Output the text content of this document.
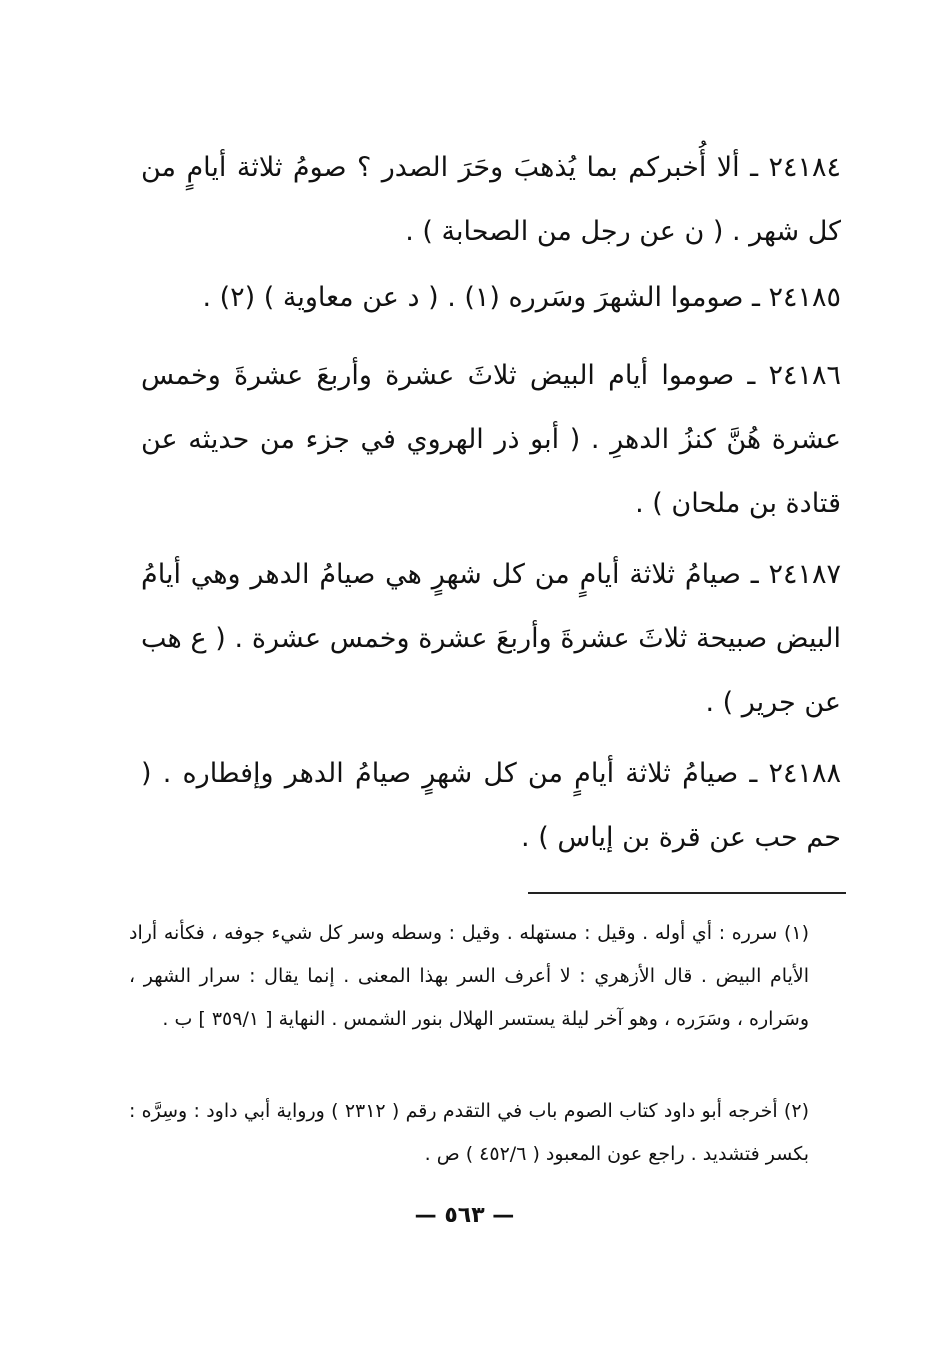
٢٤١٨٤ ـ ألا أُخبركم بما يُذهبَ وحَرَ الصدر ؟ صومُ ثلاثة أيامٍ من كل شهر . ( ن عن رجل من الصحابة ) .

٢٤١٨٥ ـ صوموا الشهرَ وسَرره (١) . ( د عن معاوية ) (٢) .

٢٤١٨٦ ـ صوموا أيام البيض ثلاثَ عشرة وأربعَ عشرةَ وخمس عشرة هُنَّ كنزُ الدهرِ . ( أبو ذر الهروي في جزء من حديثه عن قتادة بن ملحان ) .

٢٤١٨٧ ـ صيامُ ثلاثة أيامٍ من كل شهرٍ هي صيامُ الدهر وهي أيامُ البيض صبيحة ثلاثَ عشرةَ وأربعَ عشرة وخمس عشرة . ( ع هب عن جرير ) .

٢٤١٨٨ ـ صيامُ ثلاثة أيامٍ من كل شهرٍ صيامُ الدهر وإفطاره . ( حم حب عن قرة بن إياس ) .

(١) سرره : أي أوله . وقيل : مستهله . وقيل : وسطه وسر كل شيء جوفه ، فكأنه أراد الأيام البيض . قال الأزهري : لا أعرف السر بهذا المعنى . إنما يقال : سرار الشهر ، وسَراره ، وسَرَره ، وهو آخر ليلة يستسر الهلال بنور الشمس . النهاية [ ٣٥٩/١ ] ب .

(٢) أخرجه أبو داود كتاب الصوم باب في التقدم رقم ( ٢٣١٢ ) ورواية أبي داود : وسِرَّه : بكسر فتشديد . راجع عون المعبود ( ٤٥٢/٦ ) ص .

— ٥٦٣ —
